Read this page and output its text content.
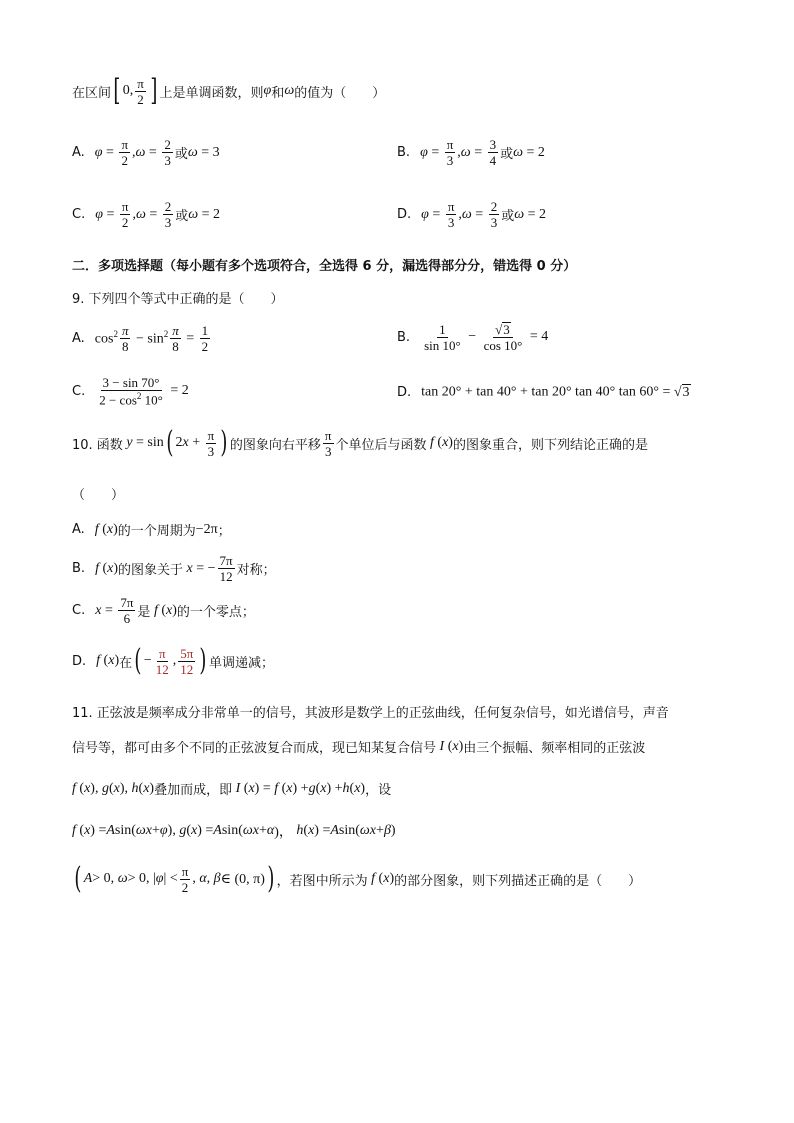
在区间 [ 0, $\frac{\pi}{2}$ ] 上是单调函数，则 φ 和 ω 的值为（　　）
A. $\varphi = \frac{\pi}{2}$ , $\omega = \frac{2}{3}$ 或 ω = 3	B. $\varphi = \frac{\pi}{3}$ , $\omega = \frac{3}{4}$ 或 ω = 2
C. $\varphi = \frac{\pi}{2}$ , $\omega = \frac{2}{3}$ 或 ω = 2	D. $\varphi = \frac{\pi}{3}$ , $\omega = \frac{2}{3}$ 或 ω = 2
二．多项选择题（每小题有多个选项符合，全选得 6 分，漏选得部分分，错选得 0 分）
9. 下列四个等式中正确的是（　　）
A. $\cos^2 \frac{\pi}{8} - \sin^2 \frac{\pi}{8} = \frac{1}{2}$	B. $\frac{1}{\sin 10^\circ} - \frac{√ 3}{\cos 10^\circ} = 4$
C. $\frac{3 - \sin 70^\circ}{2 - \cos^2 10^\circ} = 2$	D. tan 20° + tan 40° + tan 20° tan 40° tan 60° = √ 3
10. 函数 y = sin ( 2 $x + \frac{\pi}{3}$ ) 的图象向右平移 $\frac{\pi}{3}$ 个单位后与函数 f ( x ) 的图象重合，则下列结论正确的是
（　　）
A. f ( x ) 的一个周期为 −2π ；
B. f ( x ) 的图象关于 x = − $\frac{7\pi}{12}$ 对称；
C. $x = \frac{7\pi}{6}$ 是 f ( x ) 的一个零点；
D. f ( x ) 在 ( − $\frac{\pi}{12}$ , $\frac{5\pi}{12}$ ) 单调递减；
11. 正弦波是频率成分非常单一的信号，其波形是数学上的正弦曲线，任何复杂信号，如光谱信号，声音
信号等，都可由多个不同的正弦波复合而成，现已知某复合信号 I ( x ) 由三个振幅、频率相同的正弦波
f ( x ), g ( x ), h ( x ) 叠加而成，即 I ( x ) = f ( x ) + g ( x ) + h ( x ) ，设
f ( x ) = A sin( ωx + φ ), g ( x ) = A sin( ωx + α )， h ( x ) = A sin( ωx + β )
( A > 0, ω > 0, | φ | < $\frac{\pi}{2}$ , α , β ∈ (0, π) ) ，若图中所示为 f ( x ) 的部分图象，则下列描述正确的是（　　）
